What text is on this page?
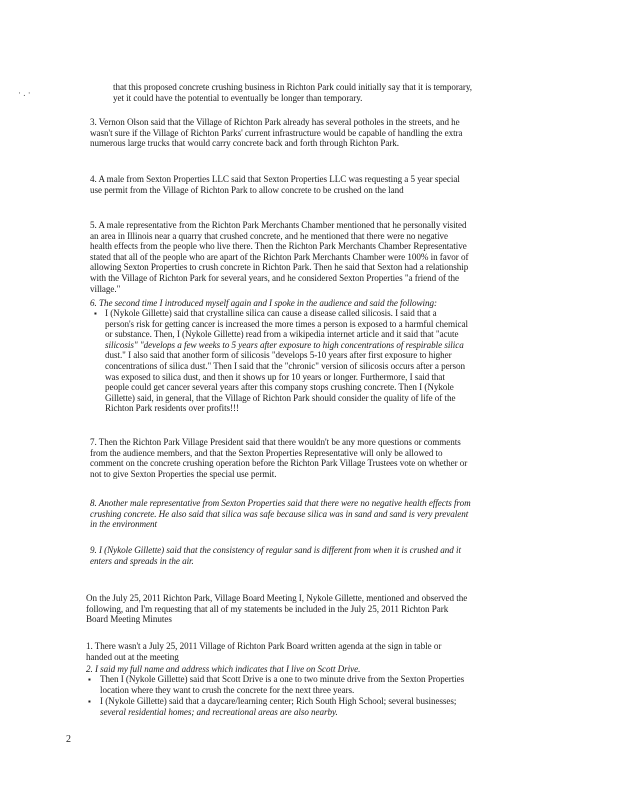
· . ·
that this proposed concrete crushing business in Richton Park could initially say that it is temporary,
yet it could have the potential to eventually be longer than temporary.
3. Vernon Olson said that the Village of Richton Park already has several potholes in the streets, and he
wasn't sure if the Village of Richton Parks' current infrastructure would be capable of handling the extra
numerous large trucks that would carry concrete back and forth through Richton Park.
4. A male from Sexton Properties LLC said that Sexton Properties LLC was requesting a 5 year special
use permit from the Village of Richton Park to allow concrete to be crushed on the land
5. A male representative from the Richton Park Merchants Chamber mentioned that he personally visited
an area in Illinois near a quarry that crushed concrete, and he mentioned that there were no negative
health effects from the people who live there. Then the Richton Park Merchants Chamber Representative
stated that all of the people who are apart of the Richton Park Merchants Chamber were 100% in favor of
allowing Sexton Properties to crush concrete in Richton Park. Then he said that Sexton had a relationship
with the Village of Richton Park for several years, and he considered Sexton Properties "a friend of the
village."
6. The second time I introduced myself again and I spoke in the audience and said the following:
▪ I (Nykole Gillette) said that crystalline silica can cause a disease called silicosis. I said that a
person's risk for getting cancer is increased the more times a person is exposed to a harmful chemical
or substance. Then, I (Nykole Gillette) read from a wikipedia internet article and it said that "acute
silicosis" "develops a few weeks to 5 years after exposure to high concentrations of respirable silica
dust." I also said that another form of silicosis "develops 5-10 years after first exposure to higher
concentrations of silica dust." Then I said that the "chronic" version of silicosis occurs after a person
was exposed to silica dust, and then it shows up for 10 years or longer. Furthermore, I said that
people could get cancer several years after this company stops crushing concrete. Then I (Nykole
Gillette) said, in general, that the Village of Richton Park should consider the quality of life of the
Richton Park residents over profits!!!
7. Then the Richton Park Village President said that there wouldn't be any more questions or comments
from the audience members, and that the Sexton Properties Representative will only be allowed to
comment on the concrete crushing operation before the Richton Park Village Trustees vote on whether or
not to give Sexton Properties the special use permit.
8. Another male representative from Sexton Properties said that there were no negative health effects from
crushing concrete. He also said that silica was safe because silica was in sand and sand is very prevalent
in the environment
9. I (Nykole Gillette) said that the consistency of regular sand is different from when it is crushed and it
enters and spreads in the air.
On the July 25, 2011 Richton Park, Village Board Meeting I, Nykole Gillette, mentioned and observed the
following, and I'm requesting that all of my statements be included in the July 25, 2011 Richton Park
Board Meeting Minutes
1. There wasn't a July 25, 2011 Village of Richton Park Board written agenda at the sign in table or
handed out at the meeting
2. I said my full name and address which indicates that I live on Scott Drive.
▪ Then I (Nykole Gillette) said that Scott Drive is a one to two minute drive from the Sexton Properties
location where they want to crush the concrete for the next three years.
▪ I (Nykole Gillette) said that a daycare/learning center; Rich South High School; several businesses;
several residential homes; and recreational areas are also nearby.
2
